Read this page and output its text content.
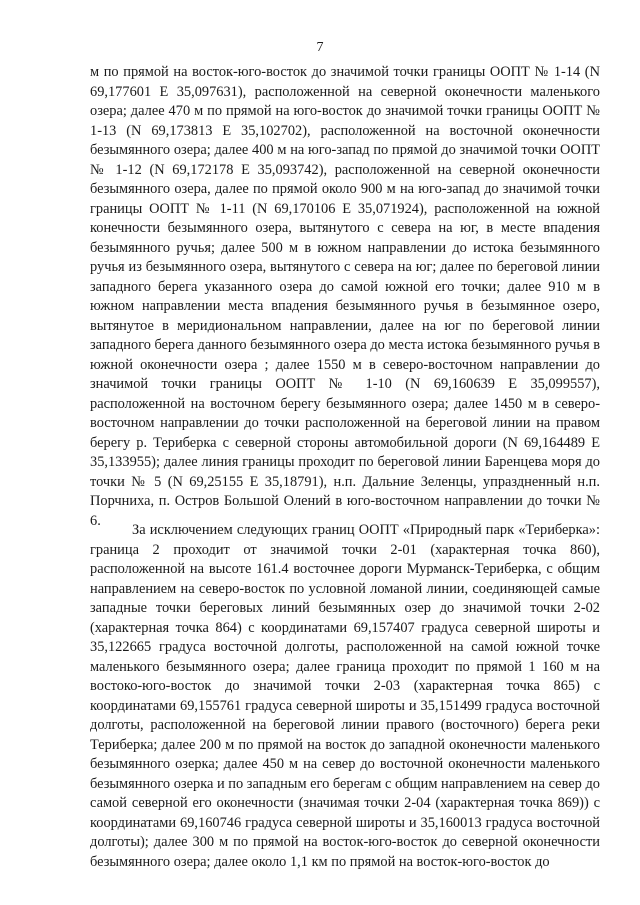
7

м по прямой на восток-юго-восток до значимой точки границы ООПТ № 1-14 (N 69,177601 E 35,097631), расположенной на северной оконечности маленького озера; далее 470 м по прямой на юго-восток до значимой точки границы ООПТ № 1-13 (N 69,173813 E 35,102702), расположенной на восточной оконечности безымянного озера; далее 400 м на юго-запад по прямой до значимой точки ООПТ № 1-12 (N 69,172178 E 35,093742), расположенной на северной оконечности безымянного озера, далее по прямой около 900 м на юго-запад до значимой точки границы ООПТ № 1-11 (N 69,170106 E 35,071924), расположенной на южной конечности безымянного озера, вытянутого с севера на юг, в месте впадения безымянного ручья; далее 500 м в южном направлении до истока безымянного ручья из безымянного озера, вытянутого с севера на юг; далее по береговой линии западного берега указанного озера до самой южной его точки; далее 910 м в южном направлении места впадения безымянного ручья в безымянное озеро, вытянутое в меридиональном направлении, далее на юг по береговой линии западного берега данного безымянного озера до места истока безымянного ручья в южной оконечности озера ; далее 1550 м в северо-восточном направлении до значимой точки границы ООПТ № 1-10 (N 69,160639 E 35,099557), расположенной на восточном берегу безымянного озера; далее 1450 м в северо-восточном направлении до точки расположенной на береговой линии на правом берегу р. Териберка с северной стороны автомобильной дороги (N 69,164489 E 35,133955); далее линия границы проходит по береговой линии Баренцева моря до точки № 5 (N 69,25155 E 35,18791), н.п. Дальние Зеленцы, упраздненный н.п. Порчниха, п. Остров Большой Олений в юго-восточном направлении до точки № 6.

За исключением следующих границ ООПТ «Природный парк «Териберка»: граница 2 проходит от значимой точки 2-01 (характерная точка 860), расположенной на высоте 161.4 восточнее дороги Мурманск-Териберка, с общим направлением на северо-восток по условной ломаной линии, соединяющей самые западные точки береговых линий безымянных озер до значимой точки 2-02 (характерная точка 864) с координатами 69,157407 градуса северной широты и 35,122665 градуса восточной долготы, расположенной на самой южной точке маленького безымянного озера; далее граница проходит по прямой 1 160 м на востоко-юго-восток до значимой точки 2-03 (характерная точка 865) с координатами 69,155761 градуса северной широты и 35,151499 градуса восточной долготы, расположенной на береговой линии правого (восточного) берега реки Териберка; далее 200 м по прямой на восток до западной оконечности маленького безымянного озерка; далее 450 м на север до восточной оконечности маленького безымянного озерка и по западным его берегам с общим направлением на север до самой северной его оконечности (значимая точки 2-04 (характерная точка 869)) с координатами 69,160746 градуса северной широты и 35,160013 градуса восточной долготы); далее 300 м по прямой на восток-юго-восток до северной оконечности безымянного озера; далее около 1,1 км по прямой на восток-юго-восток до
